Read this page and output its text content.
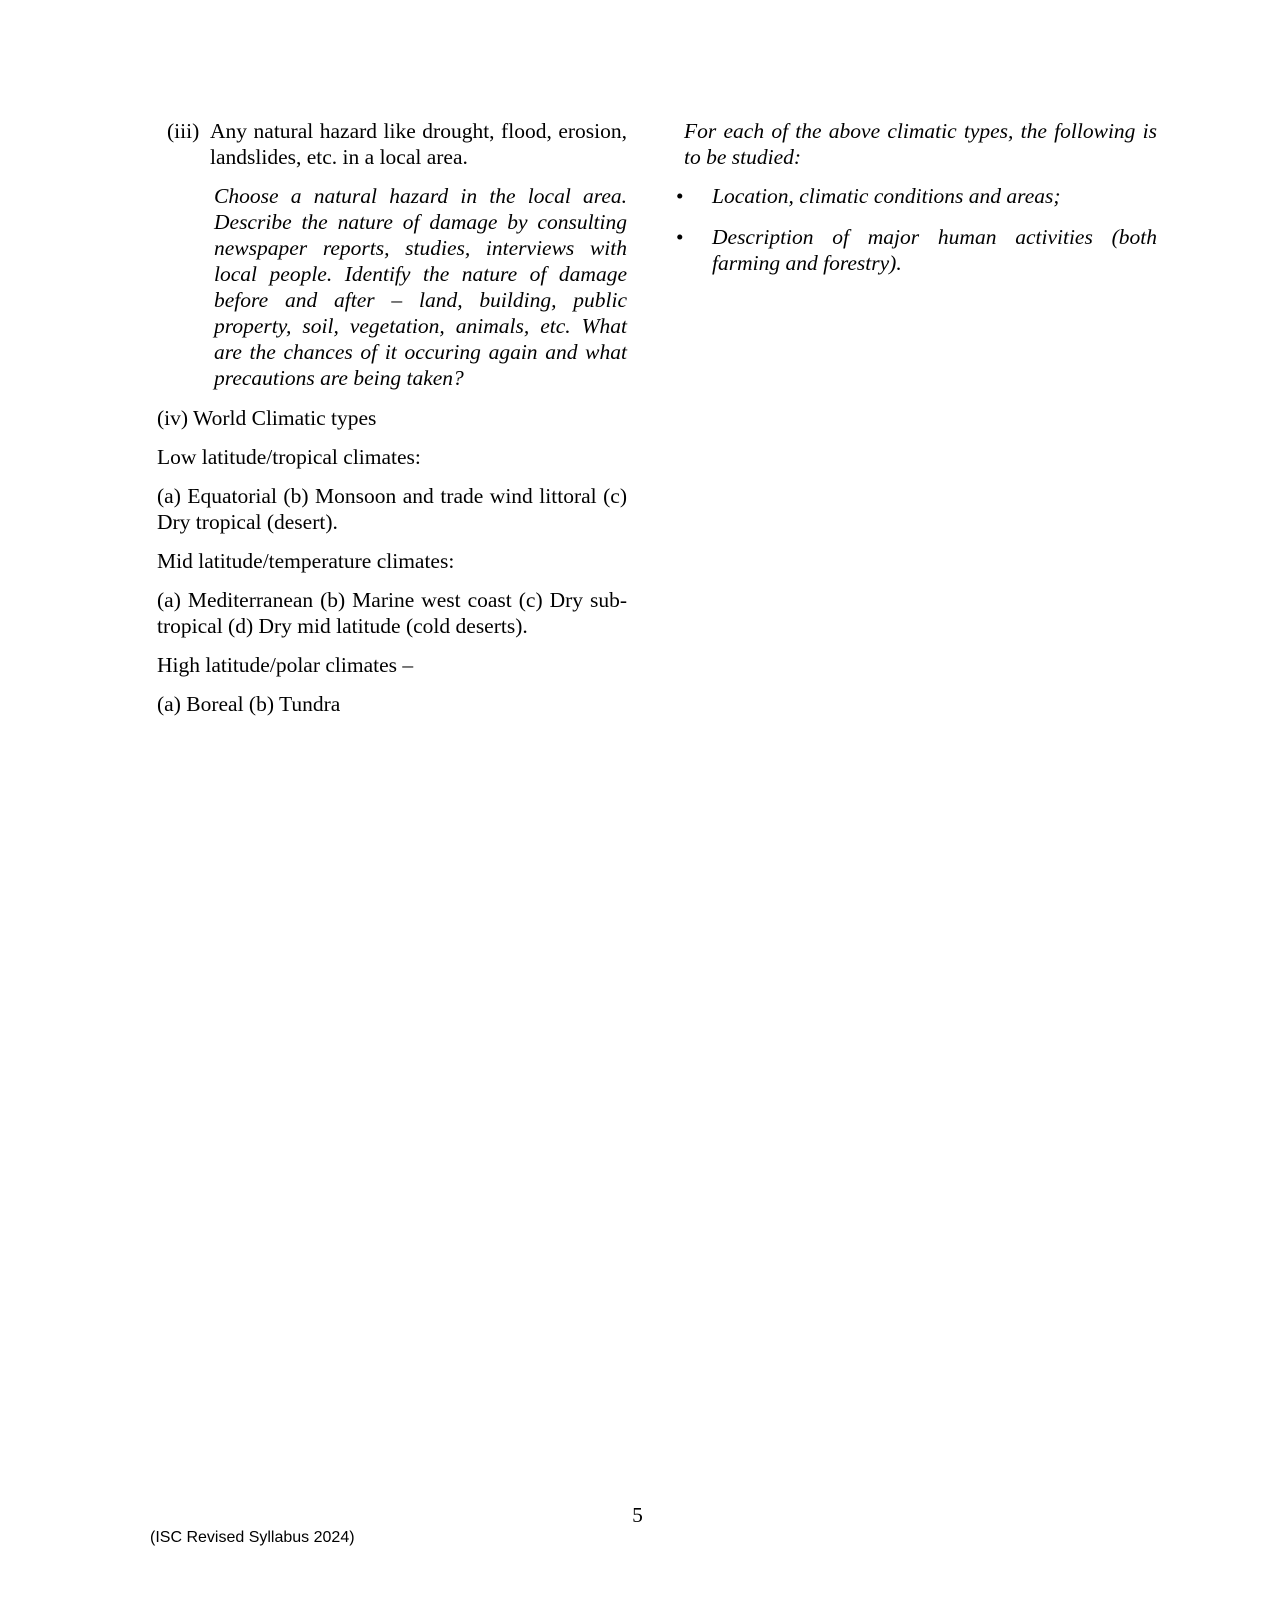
(iii) Any natural hazard like drought, flood, erosion, landslides, etc. in a local area.

Choose a natural hazard in the local area. Describe the nature of damage by consulting newspaper reports, studies, interviews with local people. Identify the nature of damage before and after – land, building, public property, soil, vegetation, animals, etc. What are the chances of it occuring again and what precautions are being taken?

(iv) World Climatic types

Low latitude/tropical climates:

(a) Equatorial (b) Monsoon and trade wind littoral (c) Dry tropical (desert).

Mid latitude/temperature climates:

(a) Mediterranean (b) Marine west coast (c) Dry sub-tropical (d) Dry mid latitude (cold deserts).

High latitude/polar climates –

(a) Boreal (b) Tundra

For each of the above climatic types, the following is to be studied:

• Location, climatic conditions and areas;
• Description of major human activities (both farming and forestry).
5
(ISC Revised Syllabus 2024)
